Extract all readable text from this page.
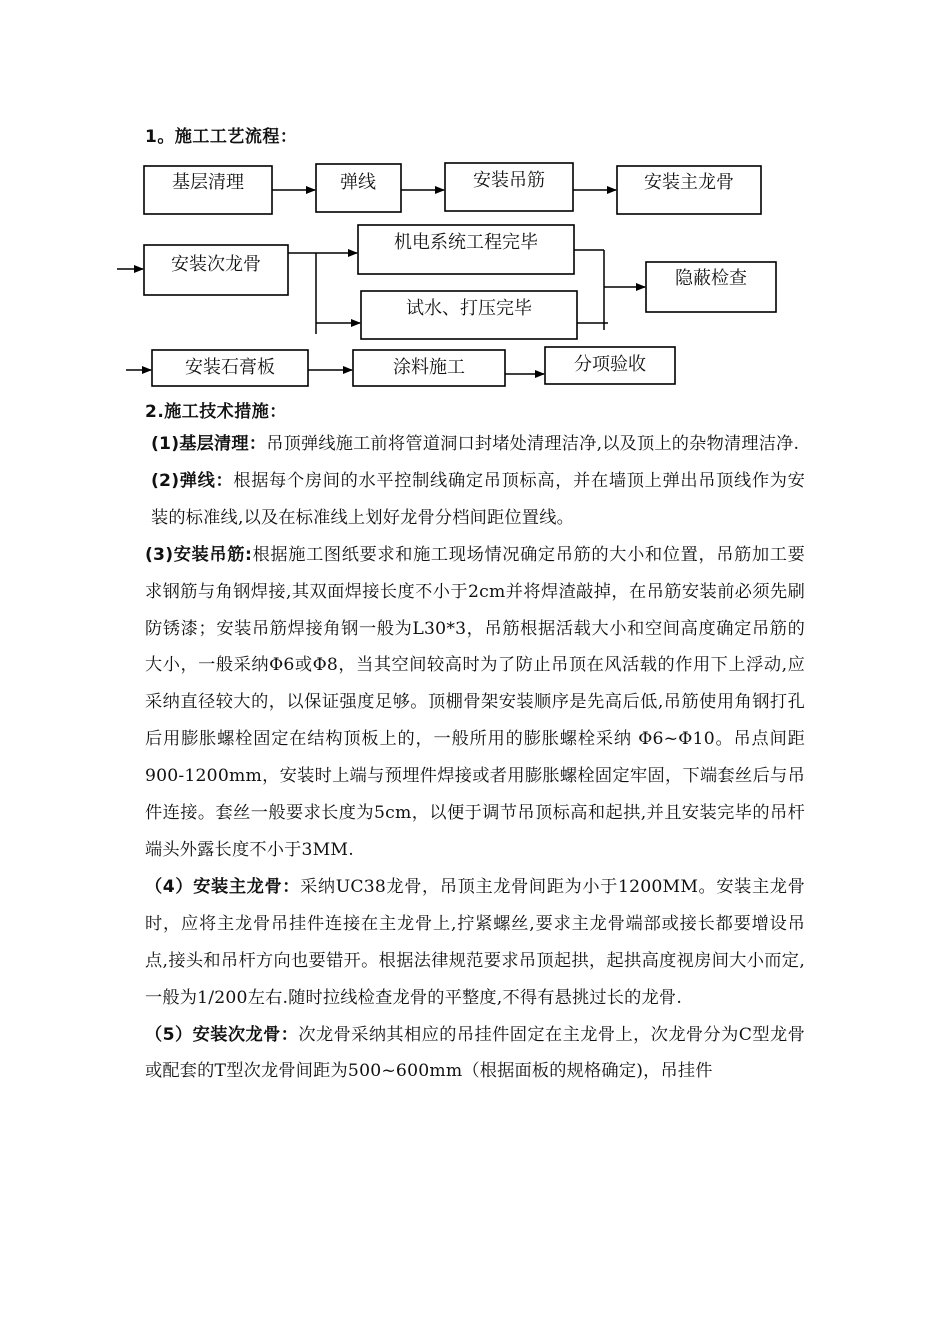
1。施工工艺流程：
基层清理	弹线	安装吊筋	安装主龙骨
安装次龙骨
机电系统工程完毕
试水、打压完毕
隐蔽检查
安装石膏板	涂料施工	分项验收
2.施工技术措施：

(1)基层清理：吊顶弹线施工前将管道洞口封堵处清理洁净,以及顶上的杂物清理洁净.

(2)弹线：根据每个房间的水平控制线确定吊顶标高，并在墙顶上弹出吊顶线作为安装的标准线,以及在标准线上划好龙骨分档间距位置线。

(3)安装吊筋:根据施工图纸要求和施工现场情况确定吊筋的大小和位置，吊筋加工要求钢筋与角钢焊接,其双面焊接长度不小于2cm并将焊渣敲掉，在吊筋安装前必须先刷防锈漆；安装吊筋焊接角钢一般为L30*3，吊筋根据活载大小和空间高度确定吊筋的大小，一般采纳Φ6或Φ8，当其空间较高时为了防止吊顶在风活载的作用下上浮动,应采纳直径较大的，以保证强度足够。顶棚骨架安装顺序是先高后低,吊筋使用角钢打孔后用膨胀螺栓固定在结构顶板上的，一般所用的膨胀螺栓采纳 Φ6~Φ10。吊点间距900-1200mm，安装时上端与预埋件焊接或者用膨胀螺栓固定牢固，下端套丝后与吊件连接。套丝一般要求长度为5cm，以便于调节吊顶标高和起拱,并且安装完毕的吊杆端头外露长度不小于3MM.

（4）安装主龙骨：采纳UC38龙骨，吊顶主龙骨间距为小于1200MM。安装主龙骨时，应将主龙骨吊挂件连接在主龙骨上,拧紧螺丝,要求主龙骨端部或接长都要增设吊点,接头和吊杆方向也要错开。根据法律规范要求吊顶起拱，起拱高度视房间大小而定,一般为1/200左右.随时拉线检查龙骨的平整度,不得有悬挑过长的龙骨.

（5）安装次龙骨：次龙骨采纳其相应的吊挂件固定在主龙骨上，次龙骨分为C型龙骨或配套的T型次龙骨间距为500~600mm（根据面板的规格确定)，吊挂件
